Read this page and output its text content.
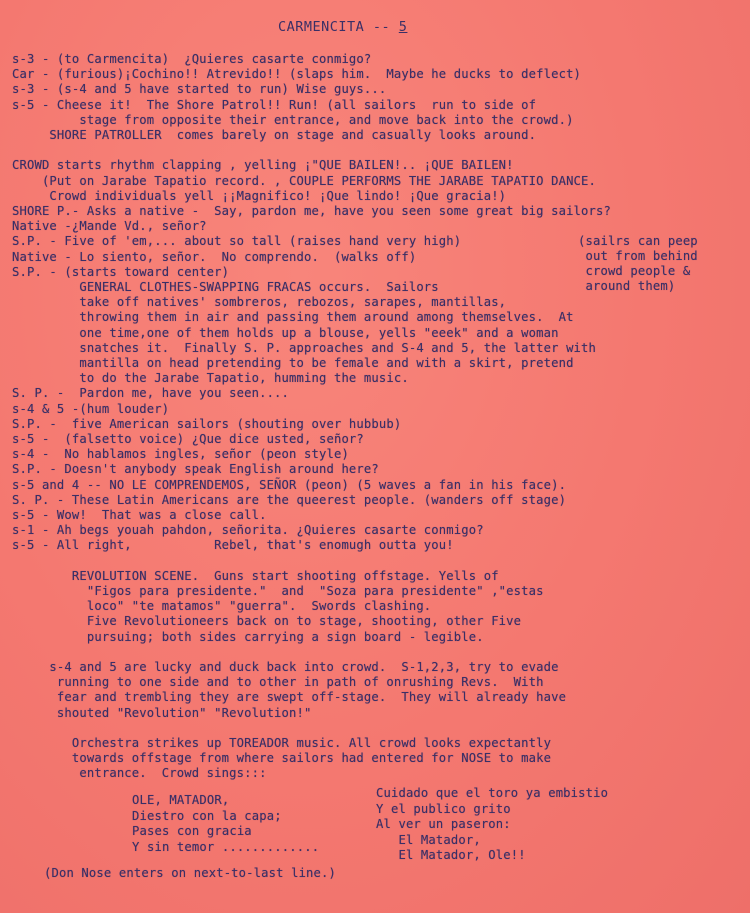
CARMENCITA -- 5
s-3 - (to Carmencita)  ¿Quieres casarte conmigo?
Car - (furious)¡Cochino!! Atrevido!! (slaps him.  Maybe he ducks to deflect)
s-3 - (s-4 and 5 have started to run) Wise guys...
s-5 - Cheese it!  The Shore Patrol!! Run! (all sailors  run to side of
stage from opposite their entrance, and move back into the crowd.)
SHORE PATROLLER  comes barely on stage and casually looks around.
CROWD starts rhythm clapping , yelling ¡"QUE BAILEN!.. ¡QUE BAILEN!
(Put on Jarabe Tapatio record. , COUPLE PERFORMS THE JARABE TAPATIO DANCE.
Crowd individuals yell ¡¡Magnifico! ¡Que lindo! ¡Que gracia!)
SHORE P.- Asks a native -  Say, pardon me, have you seen some great big sailors?
Native -¿Mande Vd., señor?
S.P. - Five of 'em,... about so tall (raises hand very high)
Native - Lo siento, señor.  No comprendo.  (walks off)
S.P. - (starts toward center)
GENERAL CLOTHES-SWAPPING FRACAS occurs.  Sailors
take off natives' sombreros, rebozos, sarapes, mantillas,
throwing them in air and passing them around among themselves.  At
one time,one of them holds up a blouse, yells "eeek" and a woman
snatches it.  Finally S. P. approaches and S-4 and 5, the latter with
mantilla on head pretending to be female and with a skirt, pretend
to do the Jarabe Tapatio, humming the music.
S. P. -  Pardon me, have you seen....
s-4 & 5 -(hum louder)
S.P. -  five American sailors (shouting over hubbub)
s-5 -  (falsetto voice) ¿Que dice usted, señor?
s-4 -  No hablamos ingles, señor (peon style)
S.P. - Doesn't anybody speak English around here?
s-5 and 4 -- NO LE COMPRENDEMOS, SEÑOR (peon) (5 waves a fan in his face).
S. P. - These Latin Americans are the queerest people. (wanders off stage)
s-5 - Wow!  That was a close call.
s-1 - Ah begs youah pahdon, señorita. ¿Quieres casarte conmigo?
s-5 - All right,           Rebel, that's enomugh outta you!
REVOLUTION SCENE.  Guns start shooting offstage. Yells of
"Figos para presidente."  and  "Soza para presidente" ,"estas
loco" "te matamos" "guerra".  Swords clashing.
Five Revolutioneers back on to stage, shooting, other Five
pursuing; both sides carrying a sign board - legible.
s-4 and 5 are lucky and duck back into crowd.  S-1,2,3, try to evade
running to one side and to other in path of onrushing Revs.  With
fear and trembling they are swept off-stage.  They will already have
shouted "Revolution" "Revolution!"
Orchestra strikes up TOREADOR music. All crowd looks expectantly
towards offstage from where sailors had entered for NOSE to make
entrance.  Crowd sings:::
(sailrs can peep
out from behind
crowd people &
around them)
OLE, MATADOR,
Diestro con la capa;
Pases con gracia
Y sin temor .............
Cuidado que el toro ya embistio
Y el publico grito
Al ver un paseron:
El Matador,
El Matador, Ole!!
(Don Nose enters on next-to-last line.)
